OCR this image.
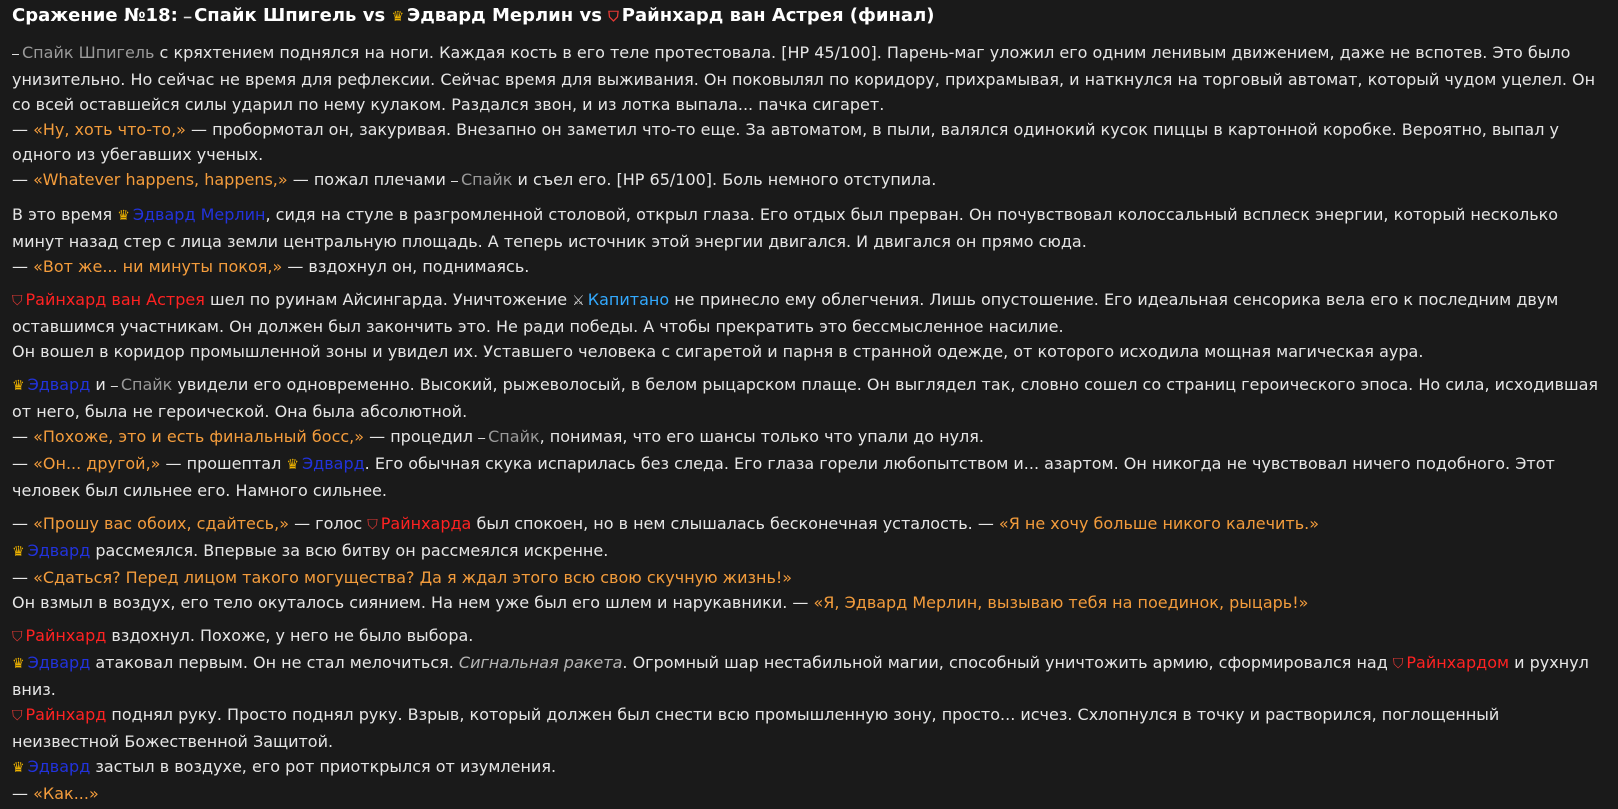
Сражение №18: ⎯ Спайк Шпигель vs ♛ Эдвард Мерлин vs ⛉ Райнхард ван Астрея (финал)
⎯ Спайк Шпигель с кряхтением поднялся на ноги. Каждая кость в его теле протестовала. [HP 45/100]. Парень-маг уложил его одним ленивым движением, даже не вспотев. Это было унизительно. Но сейчас не время для рефлексии. Сейчас время для выживания. Он поковылял по коридору, прихрамывая, и наткнулся на торговый автомат, который чудом уцелел. Он со всей оставшейся силы ударил по нему кулаком. Раздался звон, и из лотка выпала... пачка сигарет.
— «Ну, хоть что-то,» — пробормотал он, закуривая. Внезапно он заметил что-то еще. За автоматом, в пыли, валялся одинокий кусок пиццы в картонной коробке. Вероятно, выпал у одного из убегавших ученых.
— «Whatever happens, happens,» — пожал плечами ⎯ Спайк и съел его. [HP 65/100]. Боль немного отступила.
В это время ♛ Эдвард Мерлин, сидя на стуле в разгромленной столовой, открыл глаза. Его отдых был прерван. Он почувствовал колоссальный всплеск энергии, который несколько минут назад стер с лица земли центральную площадь. А теперь источник этой энергии двигался. И двигался он прямо сюда.
— «Вот же... ни минуты покоя,» — вздохнул он, поднимаясь.
⛉ Райнхард ван Астрея шел по руинам Айсингарда. Уничтожение ⚔ Капитано не принесло ему облегчения. Лишь опустошение. Его идеальная сенсорика вела его к последним двум оставшимся участникам. Он должен был закончить это. Не ради победы. А чтобы прекратить это бессмысленное насилие.
Он вошел в коридор промышленной зоны и увидел их. Уставшего человека с сигаретой и парня в странной одежде, от которого исходила мощная магическая аура.
♛ Эдвард и ⎯ Спайк увидели его одновременно. Высокий, рыжеволосый, в белом рыцарском плаще. Он выглядел так, словно сошел со страниц героического эпоса. Но сила, исходившая от него, была не героической. Она была абсолютной.
— «Похоже, это и есть финальный босс,» — процедил ⎯ Спайк, понимая, что его шансы только что упали до нуля.
— «Он... другой,» — прошептал ♛ Эдвард. Его обычная скука испарилась без следа. Его глаза горели любопытством и... азартом. Он никогда не чувствовал ничего подобного. Этот человек был сильнее его. Намного сильнее.
— «Прошу вас обоих, сдайтесь,» — голос ⛉ Райнхарда был спокоен, но в нем слышалась бесконечная усталость. — «Я не хочу больше никого калечить.»
♛ Эдвард рассмеялся. Впервые за всю битву он рассмеялся искренне.
— «Сдаться? Перед лицом такого могущества? Да я ждал этого всю свою скучную жизнь!»
Он взмыл в воздух, его тело окуталось сиянием. На нем уже был его шлем и нарукавники. — «Я, Эдвард Мерлин, вызываю тебя на поединок, рыцарь!»
⛉ Райнхард вздохнул. Похоже, у него не было выбора.
♛ Эдвард атаковал первым. Он не стал мелочиться. Сигнальная ракета. Огромный шар нестабильной магии, способный уничтожить армию, сформировался над ⛉ Райнхардом и рухнул вниз.
⛉ Райнхард поднял руку. Просто поднял руку. Взрыв, который должен был снести всю промышленную зону, просто... исчез. Схлопнулся в точку и растворился, поглощенный неизвестной Божественной Защитой.
♛ Эдвард застыл в воздухе, его рот приоткрылся от изумления.
— «Как...»
